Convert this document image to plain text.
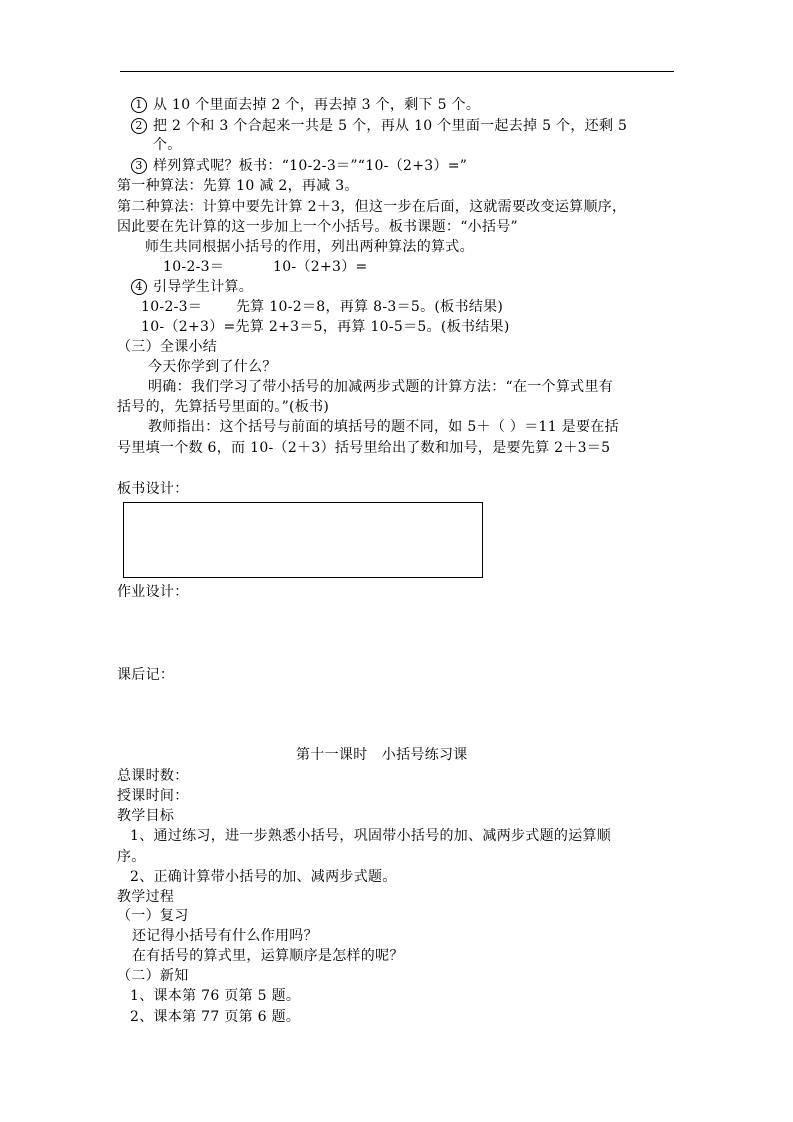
1 从 10 个里面去掉 2 个，再去掉 3 个，剩下 5 个。
2 把 2 个和 3 个合起来一共是 5 个，再从 10 个里面一起去掉 5 个，还剩 5
个。
3 样列算式呢？板书：“10-2-3＝”“10-（2+3）=”
第一种算法：先算 10 减 2，再减 3。
第二种算法：计算中要先计算 2＋3，但这一步在后面，这就需要改变运算顺序，
因此要在先计算的这一步加上一个小括号。板书课题：“小括号”
师生共同根据小括号的作用，列出两种算法的算式。
10-2-3＝	10-（2+3）=
4 引导学生计算。
10-2-3＝ 先算 10-2＝8，再算 8-3＝5。(板书结果)
10-（2+3）=先算 2+3＝5，再算 10-5＝5。(板书结果)
（三）全课小结
今天你学到了什么？
明确：我们学习了带小括号的加减两步式题的计算方法：“在一个算式里有
括号的，先算括号里面的。”(板书)
教师指出：这个括号与前面的填括号的题不同，如 5＋（ ）＝11 是要在括
号里填一个数 6，而 10-（2＋3）括号里给出了数和加号，是要先算 2＋3＝5
板书设计：
作业设计：
课后记：
第十一课时　小括号练习课
总课时数：
授课时间：
教学目标
1、通过练习，进一步熟悉小括号，巩固带小括号的加、减两步式题的运算顺
序。
2、正确计算带小括号的加、减两步式题。
教学过程
（一）复习
还记得小括号有什么作用吗？
在有括号的算式里，运算顺序是怎样的呢？
（二）新知
1、课本第 76 页第 5 题。
2、课本第 77 页第 6 题。
